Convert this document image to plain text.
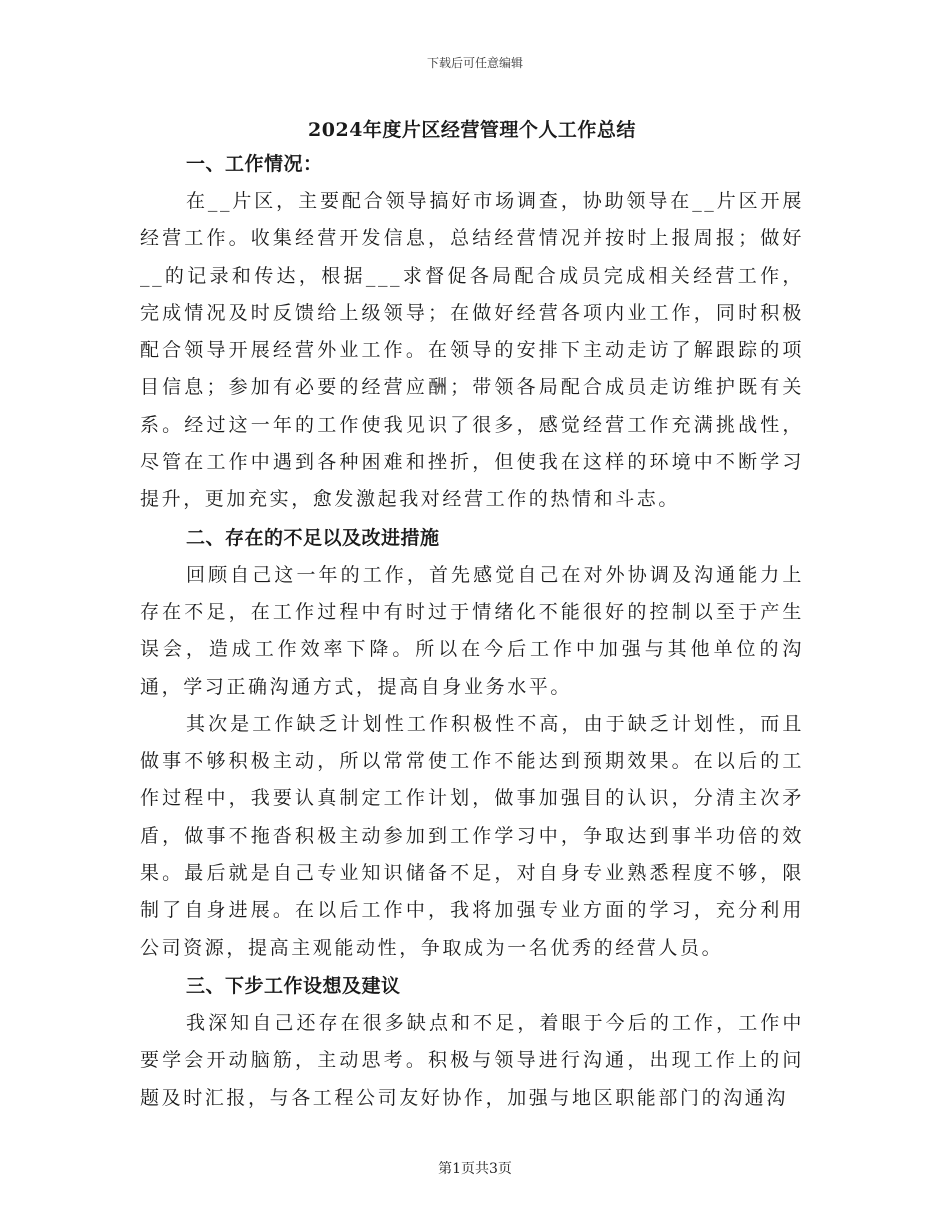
下载后可任意编辑
2024年度片区经营管理个人工作总结
一、工作情况：

在__片区，主要配合领导搞好市场调查，协助领导在__片区开展经营工作。收集经营开发信息，总结经营情况并按时上报周报；做好__的记录和传达，根据___求督促各局配合成员完成相关经营工作，完成情况及时反馈给上级领导；在做好经营各项内业工作，同时积极配合领导开展经营外业工作。在领导的安排下主动走访了解跟踪的项目信息；参加有必要的经营应酬；带领各局配合成员走访维护既有关系。经过这一年的工作使我见识了很多，感觉经营工作充满挑战性，尽管在工作中遇到各种困难和挫折，但使我在这样的环境中不断学习提升，更加充实，愈发激起我对经营工作的热情和斗志。

二、存在的不足以及改进措施

回顾自己这一年的工作，首先感觉自己在对外协调及沟通能力上存在不足，在工作过程中有时过于情绪化不能很好的控制以至于产生误会，造成工作效率下降。所以在今后工作中加强与其他单位的沟通，学习正确沟通方式，提高自身业务水平。

其次是工作缺乏计划性工作积极性不高，由于缺乏计划性，而且做事不够积极主动，所以常常使工作不能达到预期效果。在以后的工作过程中，我要认真制定工作计划，做事加强目的认识，分清主次矛盾，做事不拖沓积极主动参加到工作学习中，争取达到事半功倍的效果。最后就是自己专业知识储备不足，对自身专业熟悉程度不够，限制了自身进展。在以后工作中，我将加强专业方面的学习，充分利用公司资源，提高主观能动性，争取成为一名优秀的经营人员。

三、下步工作设想及建议

我深知自己还存在很多缺点和不足，着眼于今后的工作，工作中要学会开动脑筋，主动思考。积极与领导进行沟通，出现工作上的问题及时汇报，与各工程公司友好协作，加强与地区职能部门的沟通沟

第1页共3页
